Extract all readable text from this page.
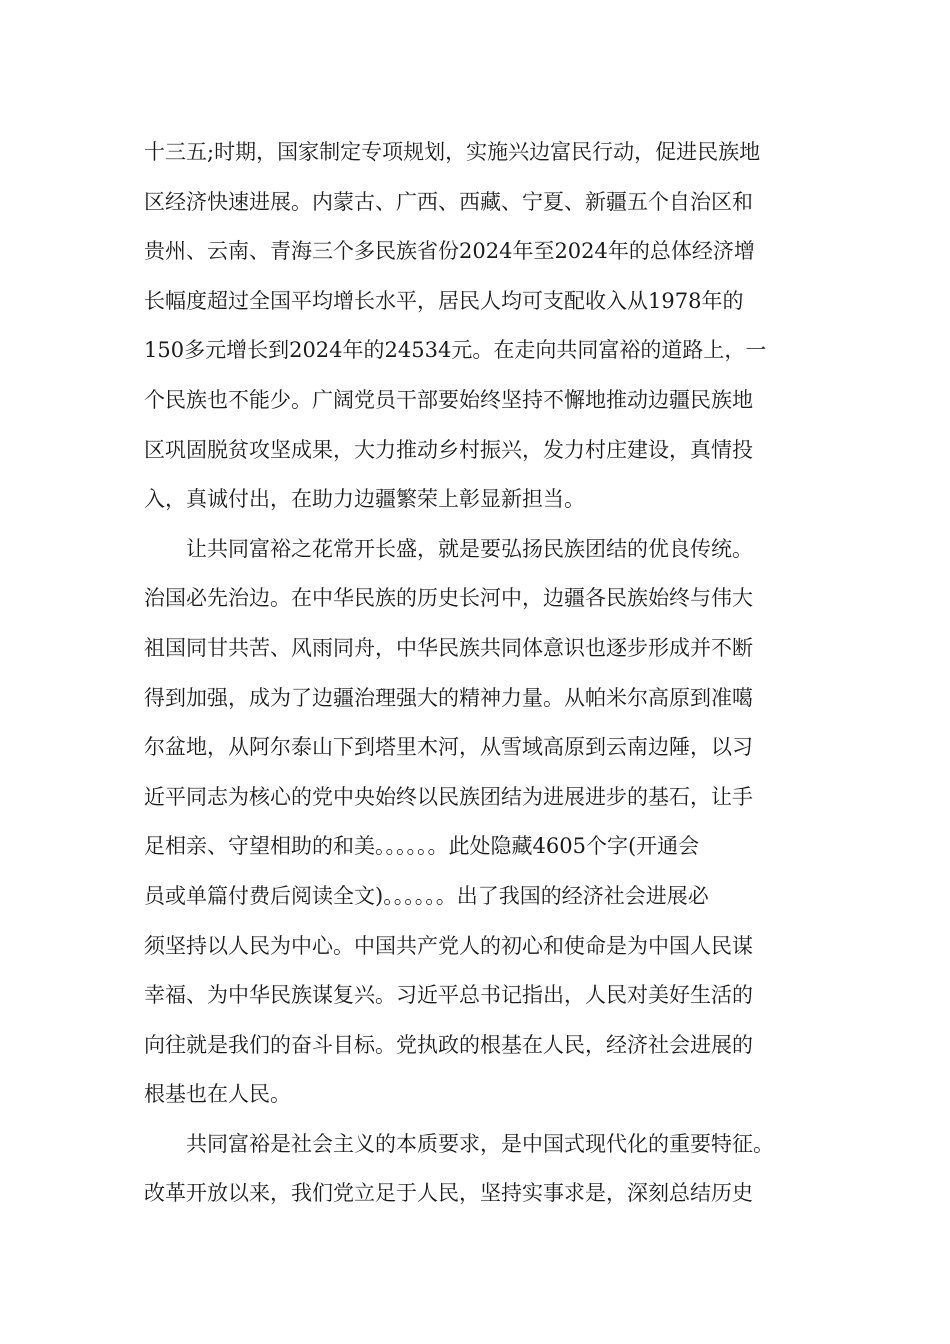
十三五;时期，国家制定专项规划，实施兴边富民行动，促进民族地
区经济快速进展。内蒙古、广西、西藏、宁夏、新疆五个自治区和
贵州、云南、青海三个多民族省份2024年至2024年的总体经济增
长幅度超过全国平均增长水平，居民人均可支配收入从1978年的
150多元增长到2024年的24534元。在走向共同富裕的道路上，一
个民族也不能少。广阔党员干部要始终坚持不懈地推动边疆民族地
区巩固脱贫攻坚成果，大力推动乡村振兴，发力村庄建设，真情投
入，真诚付出，在助力边疆繁荣上彰显新担当。
让共同富裕之花常开长盛，就是要弘扬民族团结的优良传统。
治国必先治边。在中华民族的历史长河中，边疆各民族始终与伟大
祖国同甘共苦、风雨同舟，中华民族共同体意识也逐步形成并不断
得到加强，成为了边疆治理强大的精神力量。从帕米尔高原到准噶
尔盆地，从阿尔泰山下到塔里木河，从雪域高原到云南边陲，以习
近平同志为核心的党中央始终以民族团结为进展进步的基石，让手
足相亲、守望相助的和美。。。。。。此处隐藏4605个字(开通会
员或单篇付费后阅读全文)。。。。。。出了我国的经济社会进展必
须坚持以人民为中心。中国共产党人的初心和使命是为中国人民谋
幸福、为中华民族谋复兴。习近平总书记指出，人民对美好生活的
向往就是我们的奋斗目标。党执政的根基在人民，经济社会进展的
根基也在人民。
共同富裕是社会主义的本质要求，是中国式现代化的重要特征。
改革开放以来，我们党立足于人民，坚持实事求是，深刻总结历史
